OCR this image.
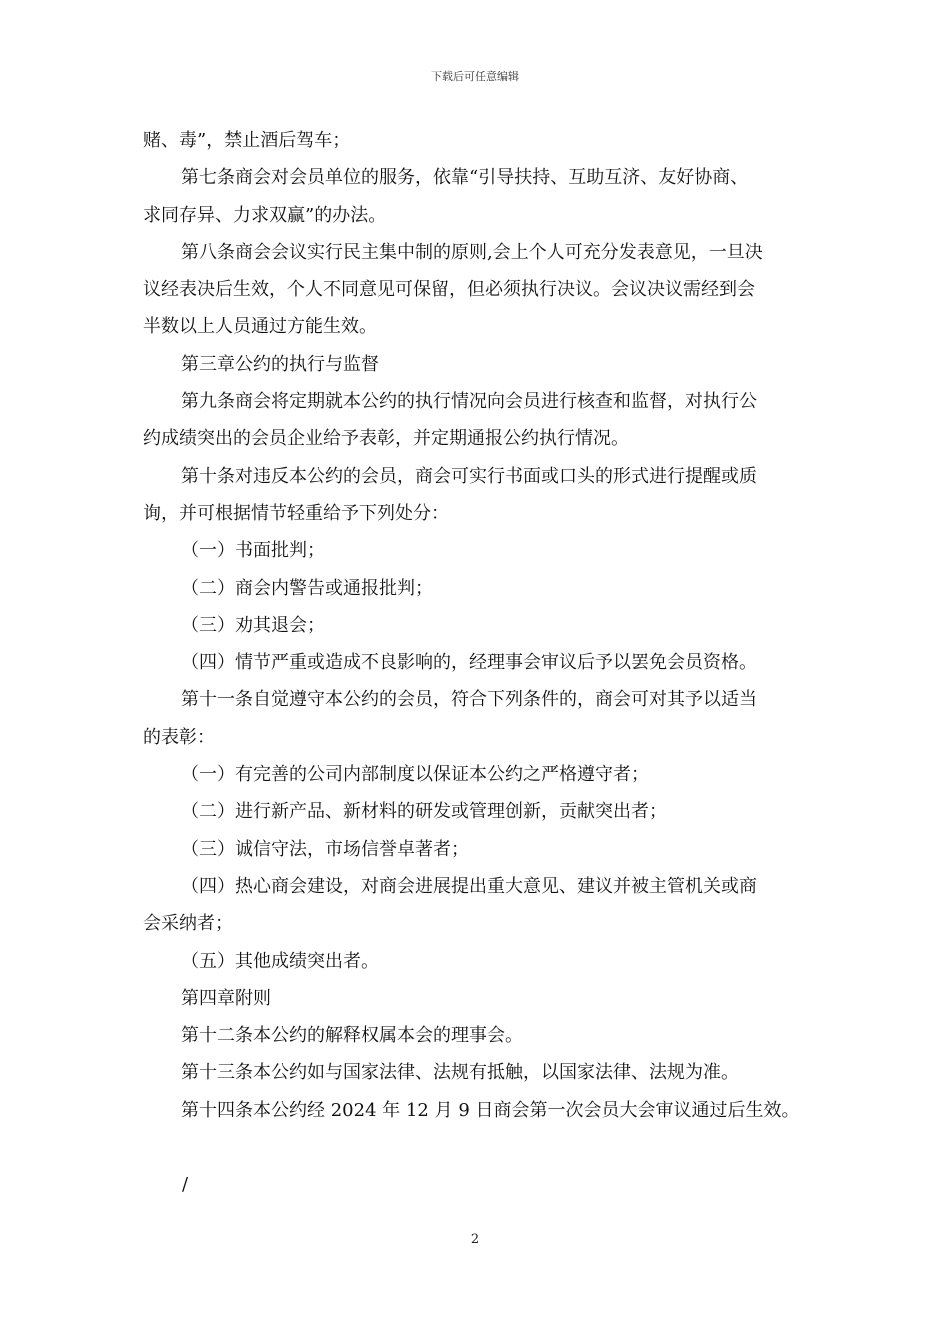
下载后可任意编辑
赌、毒”，禁止酒后驾车；
第七条商会对会员单位的服务，依靠“引导扶持、互助互济、友好协商、
求同存异、力求双赢”的办法。
第八条商会会议实行民主集中制的原则,会上个人可充分发表意见，一旦决
议经表决后生效，个人不同意见可保留，但必须执行决议。会议决议需经到会
半数以上人员通过方能生效。
第三章公约的执行与监督
第九条商会将定期就本公约的执行情况向会员进行核查和监督，对执行公
约成绩突出的会员企业给予表彰，并定期通报公约执行情况。
第十条对违反本公约的会员，商会可实行书面或口头的形式进行提醒或质
询，并可根据情节轻重给予下列处分：
（一）书面批判；
（二）商会内警告或通报批判；
（三）劝其退会；
（四）情节严重或造成不良影响的，经理事会审议后予以罢免会员资格。
第十一条自觉遵守本公约的会员，符合下列条件的，商会可对其予以适当
的表彰：
（一）有完善的公司内部制度以保证本公约之严格遵守者；
（二）进行新产品、新材料的研发或管理创新，贡献突出者；
（三）诚信守法，市场信誉卓著者；
（四）热心商会建设，对商会进展提出重大意见、建议并被主管机关或商
会采纳者；
（五）其他成绩突出者。
第四章附则
第十二条本公约的解释权属本会的理事会。
第十三条本公约如与国家法律、法规有抵触，以国家法律、法规为准。
第十四条本公约经 2024 年 12 月 9 日商会第一次会员大会审议通过后生效。
/
2
